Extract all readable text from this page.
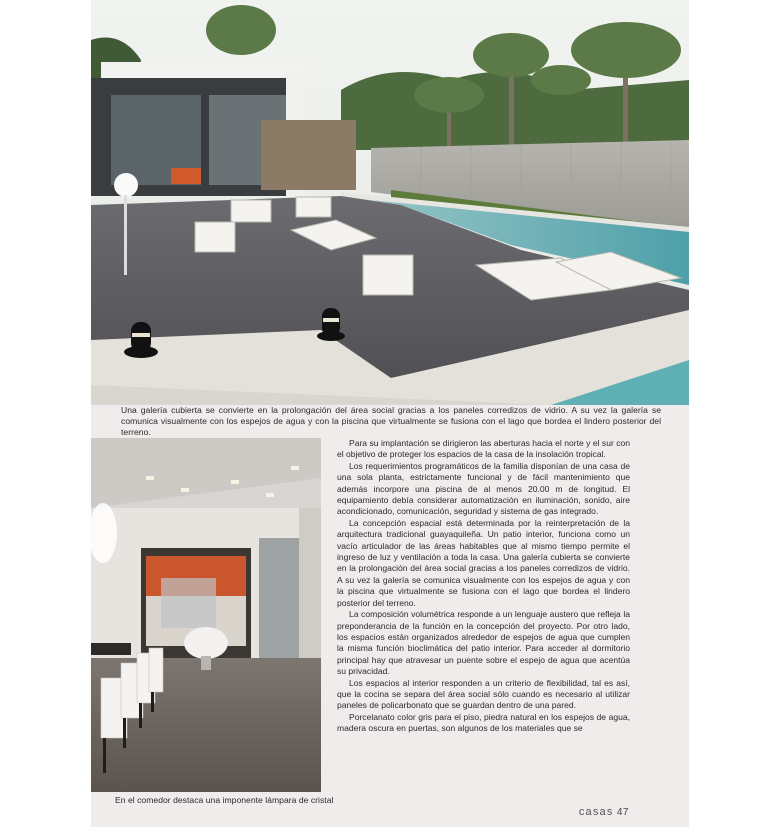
Una galería cubierta se convierte en la prolongación del área social gracias a los paneles corredizos de vidrio. A su vez la galería se comunica visualmente con los espejos de agua y con la piscina que virtualmente se fusiona con el lago que bordea el lindero posterior del terreno.
En el comedor destaca una imponente lámpara de cristal

Para su implantación se dirigieron las aberturas hacia el norte y el sur con el objetivo de proteger los espacios de la casa de la insolación tropical.

Los requerimientos programáticos de la familia disponían de una casa de una sola planta, estrictamente funcional y de fácil mantenimiento que además incorpore una piscina de al menos 20.00 m de longitud. El equipamiento debía considerar automatización en iluminación, sonido, aire acondicionado, comunicación, seguridad y sistema de gas integrado.

La concepción espacial está determinada por la reinterpretación de la arquitectura tradicional guayaquileña. Un patio interior, funciona como un vacío articulador de las áreas habitables que al mismo tiempo permite el ingreso de luz y ventilación a toda la casa. Una galería cubierta se convierte en la prolongación del área social gracias a los paneles corredizos de vidrio. A su vez la galería se comunica visualmente con los espejos de agua y con la piscina que virtualmente se fusiona con el lago que bordea el lindero posterior del terreno.

La composición volumétrica responde a un lenguaje austero que refleja la preponderancia de la función en la concepción del proyecto. Por otro lado, los espacios están organizados alrededor de espejos de agua que cumplen la misma función bioclimática del patio interior. Para acceder al dormitorio principal hay que atravesar un puente sobre el espejo de agua que acentúa su privacidad.

Los espacios al interior responden a un criterio de flexibilidad, tal es así, que la cocina se separa del área social sólo cuando es necesario al utilizar paneles de policarbonato que se guardan dentro de una pared.

Porcelanato color gris para el piso, piedra natural en los espejos de agua, madera oscura en puertas, son algunos de los materiales que se

casas 47
